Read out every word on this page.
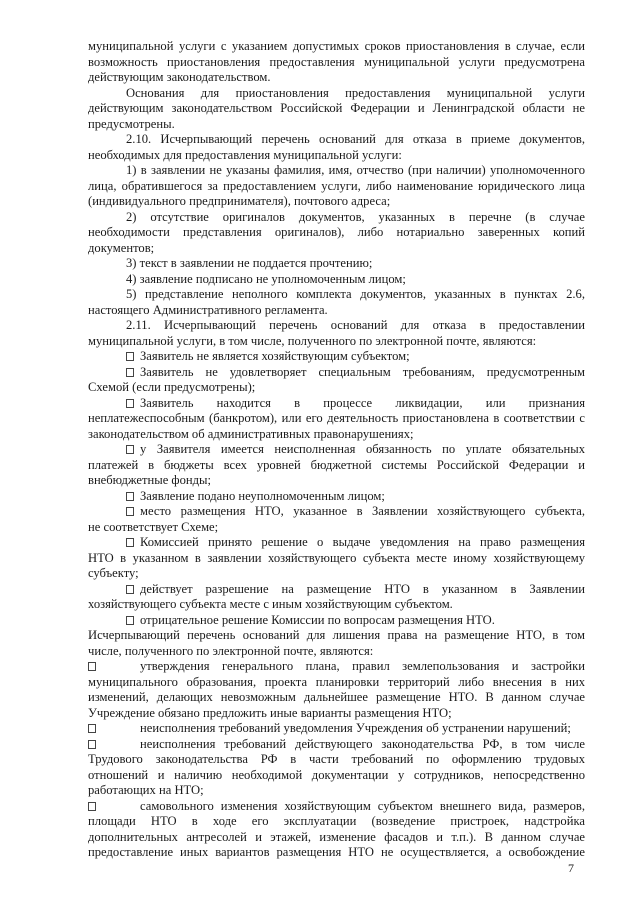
муниципальной услуги с указанием допустимых сроков приостановления в случае, если
возможность приостановления предоставления муниципальной услуги предусмотрена
действующим законодательством.
Основания для приостановления предоставления муниципальной услуги
действующим законодательством Российской Федерации и Ленинградской области не
предусмотрены.
2.10. Исчерпывающий перечень оснований для отказа в приеме документов,
необходимых для предоставления муниципальной услуги:
1) в заявлении не указаны фамилия, имя, отчество (при наличии) уполномоченного
лица, обратившегося за предоставлением услуги, либо наименование юридического лица
(индивидуального предпринимателя), почтового адреса;
2) отсутствие оригиналов документов, указанных в перечне (в случае
необходимости представления оригиналов), либо нотариально заверенных копий
документов;
3) текст в заявлении не поддается прочтению;
4) заявление подписано не уполномоченным лицом;
5) представление неполного комплекта документов, указанных в пунктах 2.6,
настоящего Административного регламента.
2.11. Исчерпывающий перечень оснований для отказа в предоставлении
муниципальной услуги, в том числе, полученного по электронной почте, являются:
Заявитель не является хозяйствующим субъектом;
Заявитель не удовлетворяет специальным требованиям, предусмотренным
Схемой (если предусмотрены);
Заявитель находится в процессе ликвидации, или признания
неплатежеспособным (банкротом), или его деятельность приостановлена в соответствии с
законодательством об административных правонарушениях;
у Заявителя имеется неисполненная обязанность по уплате обязательных
платежей в бюджеты всех уровней бюджетной системы Российской Федерации и
внебюджетные фонды;
Заявление подано неуполномоченным лицом;
место размещения НТО, указанное в Заявлении хозяйствующего субъекта,
не соответствует Схеме;
Комиссией принято решение о выдаче уведомления на право размещения
НТО в указанном в заявлении хозяйствующего субъекта месте иному хозяйствующему
субъекту;
действует разрешение на размещение НТО в указанном в Заявлении
хозяйствующего субъекта месте с иным хозяйствующим субъектом.
отрицательное решение Комиссии по вопросам размещения НТО.
Исчерпывающий перечень оснований для лишения права на размещение НТО, в том
числе, полученного по электронной почте, являются:
утверждения генерального плана, правил землепользования и застройки
муниципального образования, проекта планировки территорий либо внесения в них
изменений, делающих невозможным дальнейшее размещение НТО. В данном случае
Учреждение обязано предложить иные варианты размещения НТО;
неисполнения требований уведомления Учреждения об устранении нарушений;
неисполнения требований действующего законодательства РФ, в том числе
Трудового законодательства РФ в части требований по оформлению трудовых
отношений и наличию необходимой документации у сотрудников, непосредственно
работающих на НТО;
самовольного изменения хозяйствующим субъектом внешнего вида, размеров,
площади НТО в ходе его эксплуатации (возведение пристроек, надстройка
дополнительных антресолей и этажей, изменение фасадов и т.п.). В данном случае
предоставление иных вариантов размещения НТО не осуществляется, а освобождение
7
